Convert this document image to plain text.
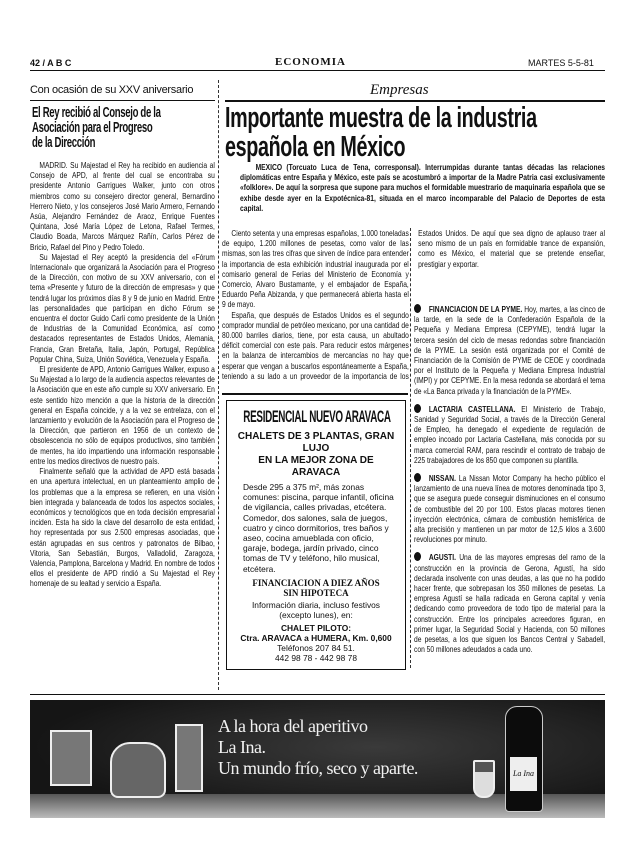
42 / A B C	ECONOMIA	MARTES 5-5-81
Con ocasión de su XXV aniversario
El Rey recibió al Consejo de la
Asociación para el Progreso
de la Dirección

MADRID. Su Majestad el Rey ha recibido en audiencia al Consejo de APD, al frente del cual se encontraba su presidente Antonio Garrigues Walker, junto con otros miembros como su consejero director general, Bernardino Herrero Nieto, y los consejeros José Mario Armero, Fernando Asúa, Alejandro Fernández de Araoz, Enrique Fuentes Quintana, José María López de Letona, Rafael Termes, Claudio Boada, Marcos Márquez Rañín, Carlos Pérez de Bricio, Rafael del Pino y Pedro Toledo.

Su Majestad el Rey aceptó la presidencia del «Fórum Internacional» que organizará la Asociación para el Progreso de la Dirección, con motivo de su XXV aniversario, con el tema «Presente y futuro de la dirección de empresas» y que tendrá lugar los próximos días 8 y 9 de junio en Madrid. Entre las personalidades que participan en dicho Fórum se encuentra el doctor Guido Carli como presidente de la Unión de Industrias de la Comunidad Económica, así como destacados representantes de Estados Unidos, Alemania, Francia, Gran Bretaña, Italia, Japón, Portugal, República Popular China, Suiza, Unión Soviética, Venezuela y España.

El presidente de APD, Antonio Garrigues Walker, expuso a Su Majestad a lo largo de la audiencia aspectos relevantes de la Asociación que en este año cumple su XXV aniversario. En este sentido hizo mención a que la historia de la dirección general en España coincide, y a la vez se entrelaza, con el lanzamiento y evolución de la Asociación para el Progreso de la Dirección, que partieron en 1956 de un contexto de obsolescencia no sólo de equipos productivos, sino también de mentes, ha ido impartiendo una información responsable entre los medios directivos de nuestro país.

Finalmente señaló que la actividad de APD está basada en una apertura intelectual, en un planteamiento amplio de los problemas que a la empresa se refieren, en una visión bien integrada y balanceada de todos los aspectos sociales, económicos y tecnológicos que en toda decisión empresarial inciden. Esta ha sido la clave del desarrollo de esta entidad, hoy representada por sus 2.500 empresas asociadas, que están agrupadas en sus centros y patronatos de Bilbao, Vitoria, San Sebastián, Burgos, Valladolid, Zaragoza, Valencia, Pamplona, Barcelona y Madrid. En nombre de todos ellos el presidente de APD rindió a Su Majestad el Rey homenaje de su lealtad y servicio a España.

Empresas
Importante muestra de la industria
española en México
MEXICO (Torcuato Luca de Tena, corresponsal). Interrumpidas durante tantas décadas las relaciones diplomáticas entre España y México, este país se acostumbró a importar de la Madre Patria casi exclusivamente «folklore». De aquí la sorpresa que supone para muchos el formidable muestrario de maquinaria española que se exhibe desde ayer en la Expotécnica-81, situada en el marco incomparable del Palacio de Deportes de esta capital.

Ciento setenta y una empresas españolas, 1.000 toneladas de equipo, 1.200 millones de pesetas, como valor de las mismas, son las tres cifras que sirven de índice para entender la importancia de esta exhibición industrial inaugurada por el comisario general de Ferias del Ministerio de Economía y Comercio, Alvaro Bustamante, y el embajador de España, Eduardo Peña Abizanda, y que permanecerá abierta hasta el 9 de mayo.

España, que después de Estados Unidos es el segundo comprador mundial de petróleo mexicano, por una cantidad de 80.000 barriles diarios, tiene, por esta causa, un abultado déficit comercial con este país. Para reducir estos márgenes en la balanza de intercambios de mercancías no hay que esperar que vengan a buscarlos espontáneamente a España, teniendo a su lado a un proveedor de la importancia de los Estados Unidos. De aquí que sea digno de aplauso traer al seno mismo de un país en formidable trance de expansión, como es México, el material que se pretende enseñar, prestigiar y exportar.

RESIDENCIAL NUEVO ARAVACA
CHALETS DE 3 PLANTAS, GRAN LUJO
EN LA MEJOR ZONA DE ARAVACA
Desde 295 a 375 m², más zonas comunes: piscina, parque infantil, oficina de vigilancia, calles privadas, etcétera.
Comedor, dos salones, sala de juegos, cuatro y cinco dormitorios, tres baños y aseo, cocina amueblada con oficio, garaje, bodega, jardín privado, cinco tomas de TV y teléfono, hilo musical, etcétera.
FINANCIACION A DIEZ AÑOS
SIN HIPOTECA
Información diaria, incluso festivos (excepto lunes), en:
CHALET PILOTO:
Ctra. ARAVACA a HUMERA, Km. 0,600
Teléfonos 207 84 51.
442 98 78 - 442 98 78
FINANCIACION DE LA PYME. Hoy, martes, a las cinco de la tarde, en la sede de la Confederación Española de la Pequeña y Mediana Empresa (CEPYME), tendrá lugar la tercera sesión del ciclo de mesas redondas sobre financiación de la PYME. La sesión está organizada por el Comité de Financiación de la Comisión de PYME de CEOE y coordinada por el Instituto de la Pequeña y Mediana Empresa Industrial (IMPI) y por CEPYME. En la mesa redonda se abordará el tema de «La Banca privada y la financiación de la PYME».
LACTARIA CASTELLANA. El Ministerio de Trabajo, Sanidad y Seguridad Social, a través de la Dirección General de Empleo, ha denegado el expediente de regulación de empleo incoado por Lactaria Castellana, más conocida por su marca comercial RAM, para rescindir el contrato de trabajo de 225 trabajadores de los 850 que componen su plantilla.
NISSAN. La Nissan Motor Company ha hecho público el lanzamiento de una nueva línea de motores denominada tipo 3, que se asegura puede conseguir disminuciones en el consumo de combustible del 20 por 100. Estos placas motores tienen inyección electrónica, cámara de combustión hemisférica de alta precisión y mantienen un par motor de 12,5 kilos a 3.600 revoluciones por minuto.
AGUSTI. Una de las mayores empresas del ramo de la construcción en la provincia de Gerona, Agustí, ha sido declarada insolvente con unas deudas, a las que no ha podido hacer frente, que sobrepasan los 350 millones de pesetas. La empresa Agustí se halla radicada en Gerona capital y venía dedicando como proveedora de todo tipo de material para la construcción. Entre los principales acreedores figuran, en primer lugar, la Seguridad Social y Hacienda, con 50 millones de pesetas, a los que siguen los Bancos Central y Sabadell, con 50 millones adeudados a cada uno.
A la hora del aperitivo
La Ina.
Un mundo frío, seco y aparte.	La Ina
